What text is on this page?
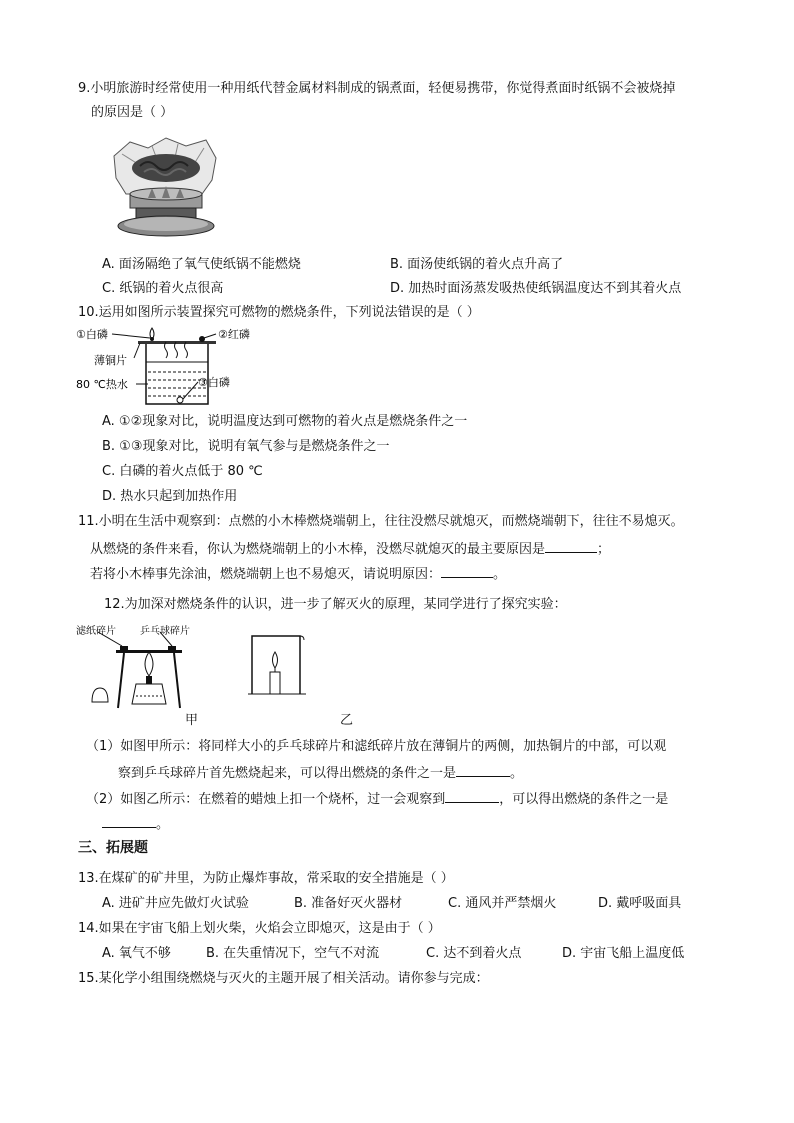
9.小明旅游时经常使用一种用纸代替金属材料制成的锅煮面，轻便易携带，你觉得煮面时纸锅不会被烧掉
的原因是（ ）
A. 面汤隔绝了氧气使纸锅不能燃烧	B. 面汤使纸锅的着火点升高了
C. 纸锅的着火点很高	D. 加热时面汤蒸发吸热使纸锅温度达不到其着火点
10.运用如图所示装置探究可燃物的燃烧条件，下列说法错误的是（ ）
①白磷	②红磷
薄铜片
80 ℃热水	③白磷
A. ①②现象对比，说明温度达到可燃物的着火点是燃烧条件之一
B. ①③现象对比，说明有氧气参与是燃烧条件之一
C. 白磷的着火点低于 80 ℃
D. 热水只起到加热作用
11.小明在生活中观察到：点燃的小木棒燃烧端朝上，往往没燃尽就熄灭，而燃烧端朝下，往往不易熄灭。
从燃烧的条件来看，你认为燃烧端朝上的小木棒，没燃尽就熄灭的最主要原因是	；
若将小木棒事先涂油，燃烧端朝上也不易熄灭，请说明原因：	。
12.为加深对燃烧条件的认识，进一步了解灭火的原理，某同学进行了探究实验：
滤纸碎片 乒乓球碎片
甲	乙
（1）如图甲所示：将同样大小的乒乓球碎片和滤纸碎片放在薄铜片的两侧，加热铜片的中部，可以观
察到乒乓球碎片首先燃烧起来，可以得出燃烧的条件之一是	。
（2）如图乙所示：在燃着的蜡烛上扣一个烧杯，过一会观察到	，可以得出燃烧的条件之一是
。
三、拓展题
13.在煤矿的矿井里，为防止爆炸事故，常采取的安全措施是（ ）
A. 进矿井应先做灯火试验	B. 准备好灭火器材	C. 通风并严禁烟火	D. 戴呼吸面具
14.如果在宇宙飞船上划火柴，火焰会立即熄灭，这是由于（ ）
A. 氧气不够	B. 在失重情况下，空气不对流	C. 达不到着火点	D. 宇宙飞船上温度低
15.某化学小组围绕燃烧与灭火的主题开展了相关活动。请你参与完成：
